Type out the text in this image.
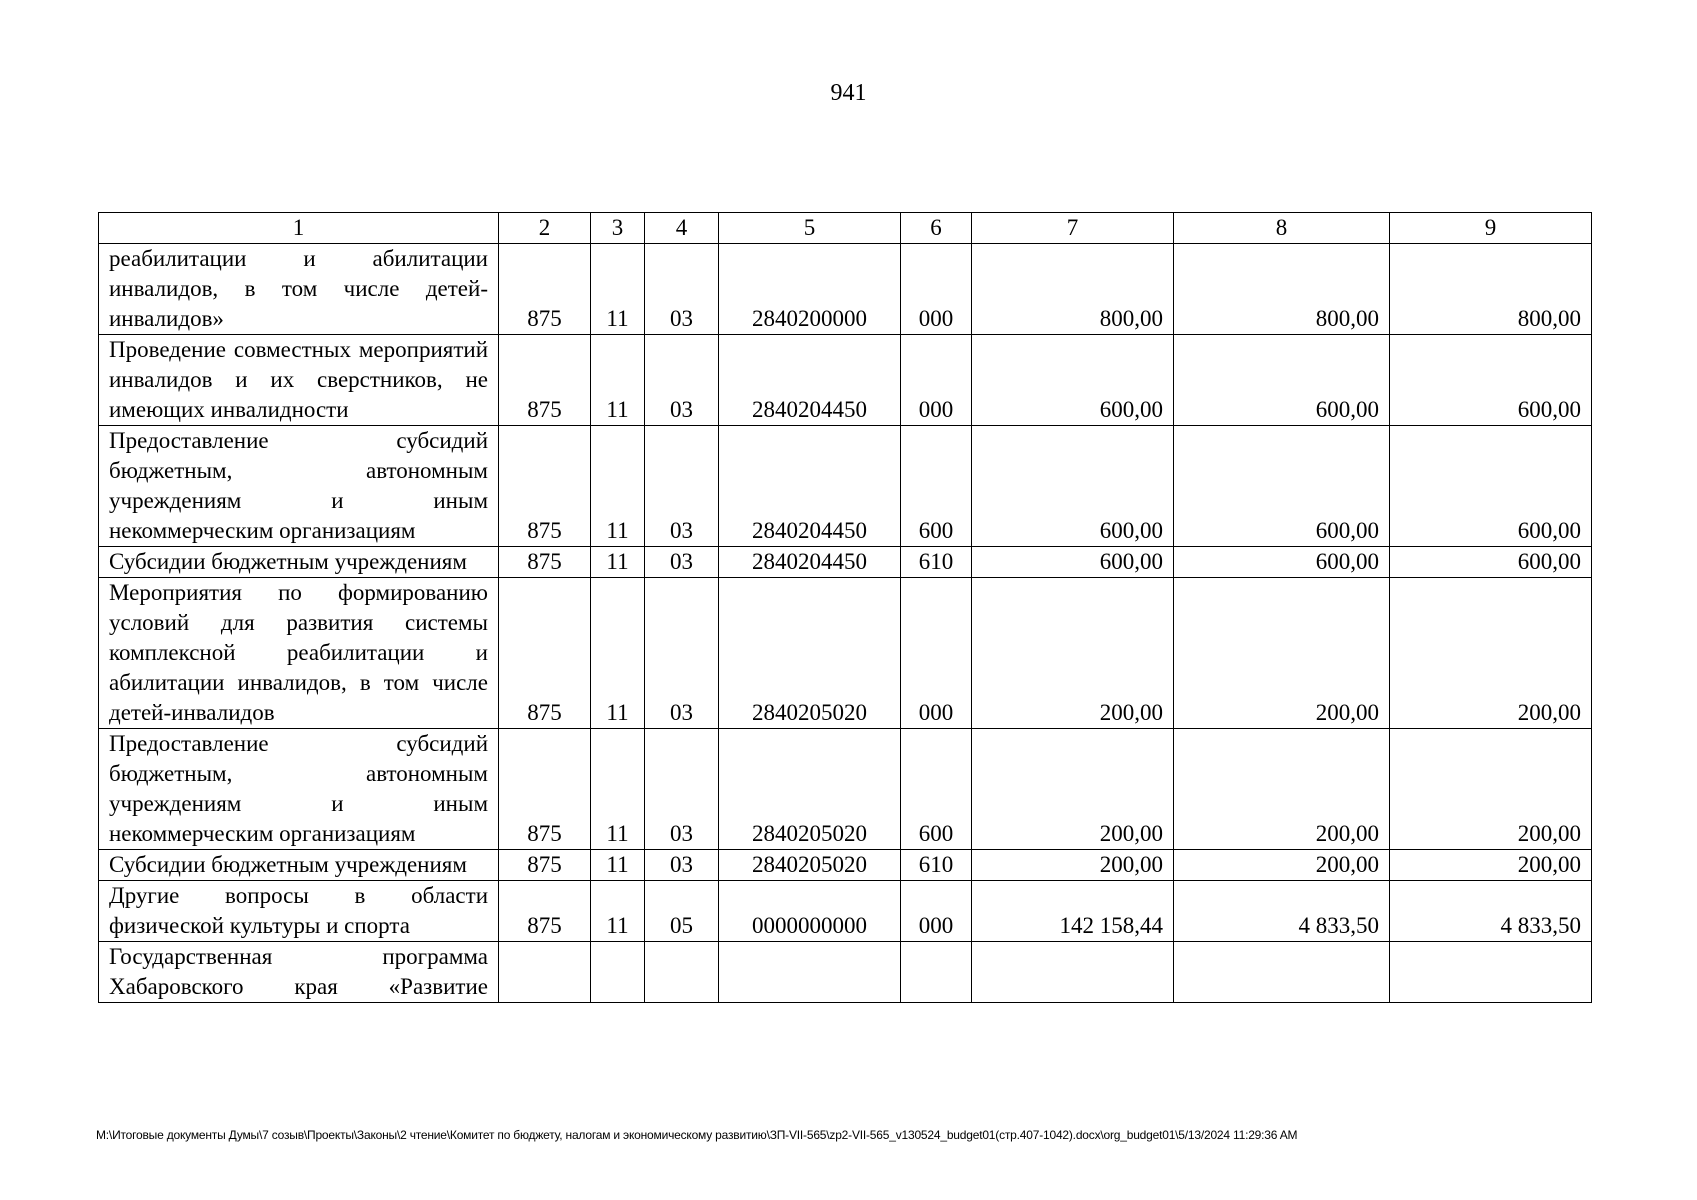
941
1	2	3	4	5	6	7	8	9
реабилитации и абилитации инвалидов, в том числе детей-инвалидов»	875	11	03	2840200000	000	800,00	800,00	800,00
Проведение совместных мероприятий инвалидов и их сверстников, не имеющих инвалидности	875	11	03	2840204450	000	600,00	600,00	600,00
Предоставление субсидий бюджетным, автономным учреждениям и иным некоммерческим организациям	875	11	03	2840204450	600	600,00	600,00	600,00
Субсидии бюджетным учреждениям	875	11	03	2840204450	610	600,00	600,00	600,00
Мероприятия по формированию условий для развития системы комплексной реабилитации и абилитации инвалидов, в том числе детей-инвалидов	875	11	03	2840205020	000	200,00	200,00	200,00
Предоставление субсидий бюджетным, автономным учреждениям и иным некоммерческим организациям	875	11	03	2840205020	600	200,00	200,00	200,00
Субсидии бюджетным учреждениям	875	11	03	2840205020	610	200,00	200,00	200,00
Другие вопросы в области физической культуры и спорта	875	11	05	0000000000	000	142 158,44	4 833,50	4 833,50
Государственная программа Хабаровского края «Развитие								
M:\Итоговые документы Думы\7 созыв\Проекты\Законы\2 чтение\Комитет по бюджету, налогам и экономическому развитию\ЗП-VII-565\zp2-VII-565_v130524_budget01(стр.407-1042).docx\org_budget01\5/13/2024 11:29:36 AM
